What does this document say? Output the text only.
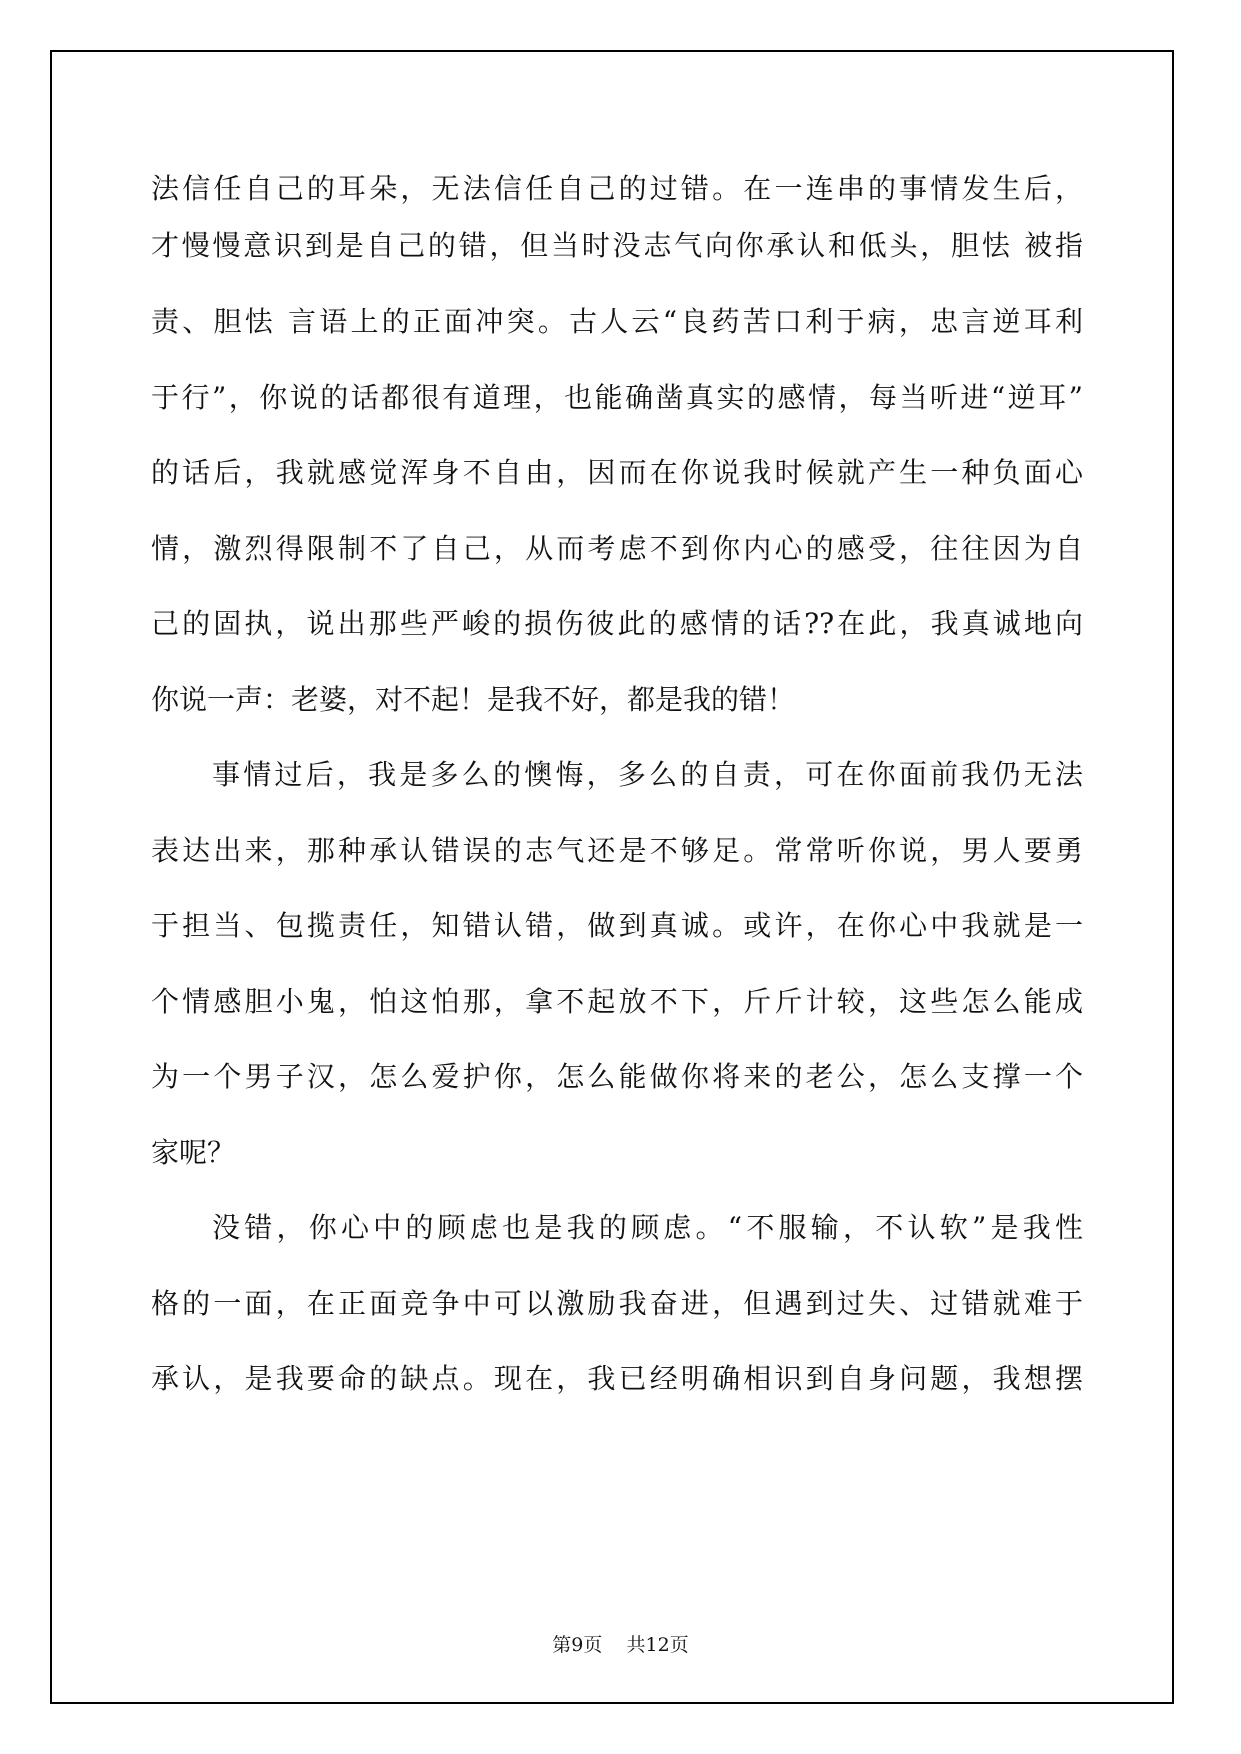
法信任自己的耳朵，无法信任自己的过错。在一连串的事情发生后，
才慢慢意识到是自己的错，但当时没志气向你承认和低头，胆怯 被指
责、胆怯 言语上的正面冲突。古人云“良药苦口利于病，忠言逆耳利
于行”，你说的话都很有道理，也能确凿真实的感情，每当听进“逆耳”
的话后，我就感觉浑身不自由，因而在你说我时候就产生一种负面心
情，激烈得限制不了自己，从而考虑不到你内心的感受，往往因为自
己的固执，说出那些严峻的损伤彼此的感情的话??在此，我真诚地向
你说一声：老婆，对不起！是我不好，都是我的错！
事情过后，我是多么的懊悔，多么的自责，可在你面前我仍无法
表达出来，那种承认错误的志气还是不够足。常常听你说，男人要勇
于担当、包揽责任，知错认错，做到真诚。或许，在你心中我就是一
个情感胆小鬼，怕这怕那，拿不起放不下，斤斤计较，这些怎么能成
为一个男子汉，怎么爱护你，怎么能做你将来的老公，怎么支撑一个
家呢？
没错，你心中的顾虑也是我的顾虑。“不服输，不认软”是我性
格的一面，在正面竞争中可以激励我奋进，但遇到过失、过错就难于
承认，是我要命的缺点。现在，我已经明确相识到自身问题，我想摆
第9页 共12页
